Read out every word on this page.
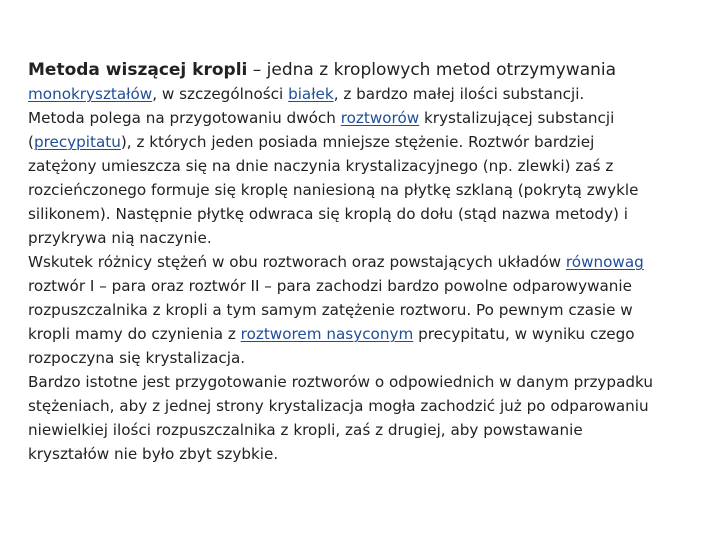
Metoda wiszącej kropli – jedna z kroplowych metod otrzymywania
monokryształów, w szczególności białek, z bardzo małej ilości substancji.
Metoda polega na przygotowaniu dwóch roztworów krystalizującej substancji
(precypitatu), z których jeden posiada mniejsze stężenie. Roztwór bardziej
zatężony umieszcza się na dnie naczynia krystalizacyjnego (np. zlewki) zaś z
rozcieńczonego formuje się kroplę naniesioną na płytkę szklaną (pokrytą zwykle
silikonem). Następnie płytkę odwraca się kroplą do dołu (stąd nazwa metody) i
przykrywa nią naczynie.
Wskutek różnicy stężeń w obu roztworach oraz powstających układów równowag
roztwór I – para oraz roztwór II – para zachodzi bardzo powolne odparowywanie
rozpuszczalnika z kropli a tym samym zatężenie roztworu. Po pewnym czasie w
kropli mamy do czynienia z roztworem nasyconym precypitatu, w wyniku czego
rozpoczyna się krystalizacja.
Bardzo istotne jest przygotowanie roztworów o odpowiednich w danym przypadku
stężeniach, aby z jednej strony krystalizacja mogła zachodzić już po odparowaniu
niewielkiej ilości rozpuszczalnika z kropli, zaś z drugiej, aby powstawanie
kryształów nie było zbyt szybkie.
